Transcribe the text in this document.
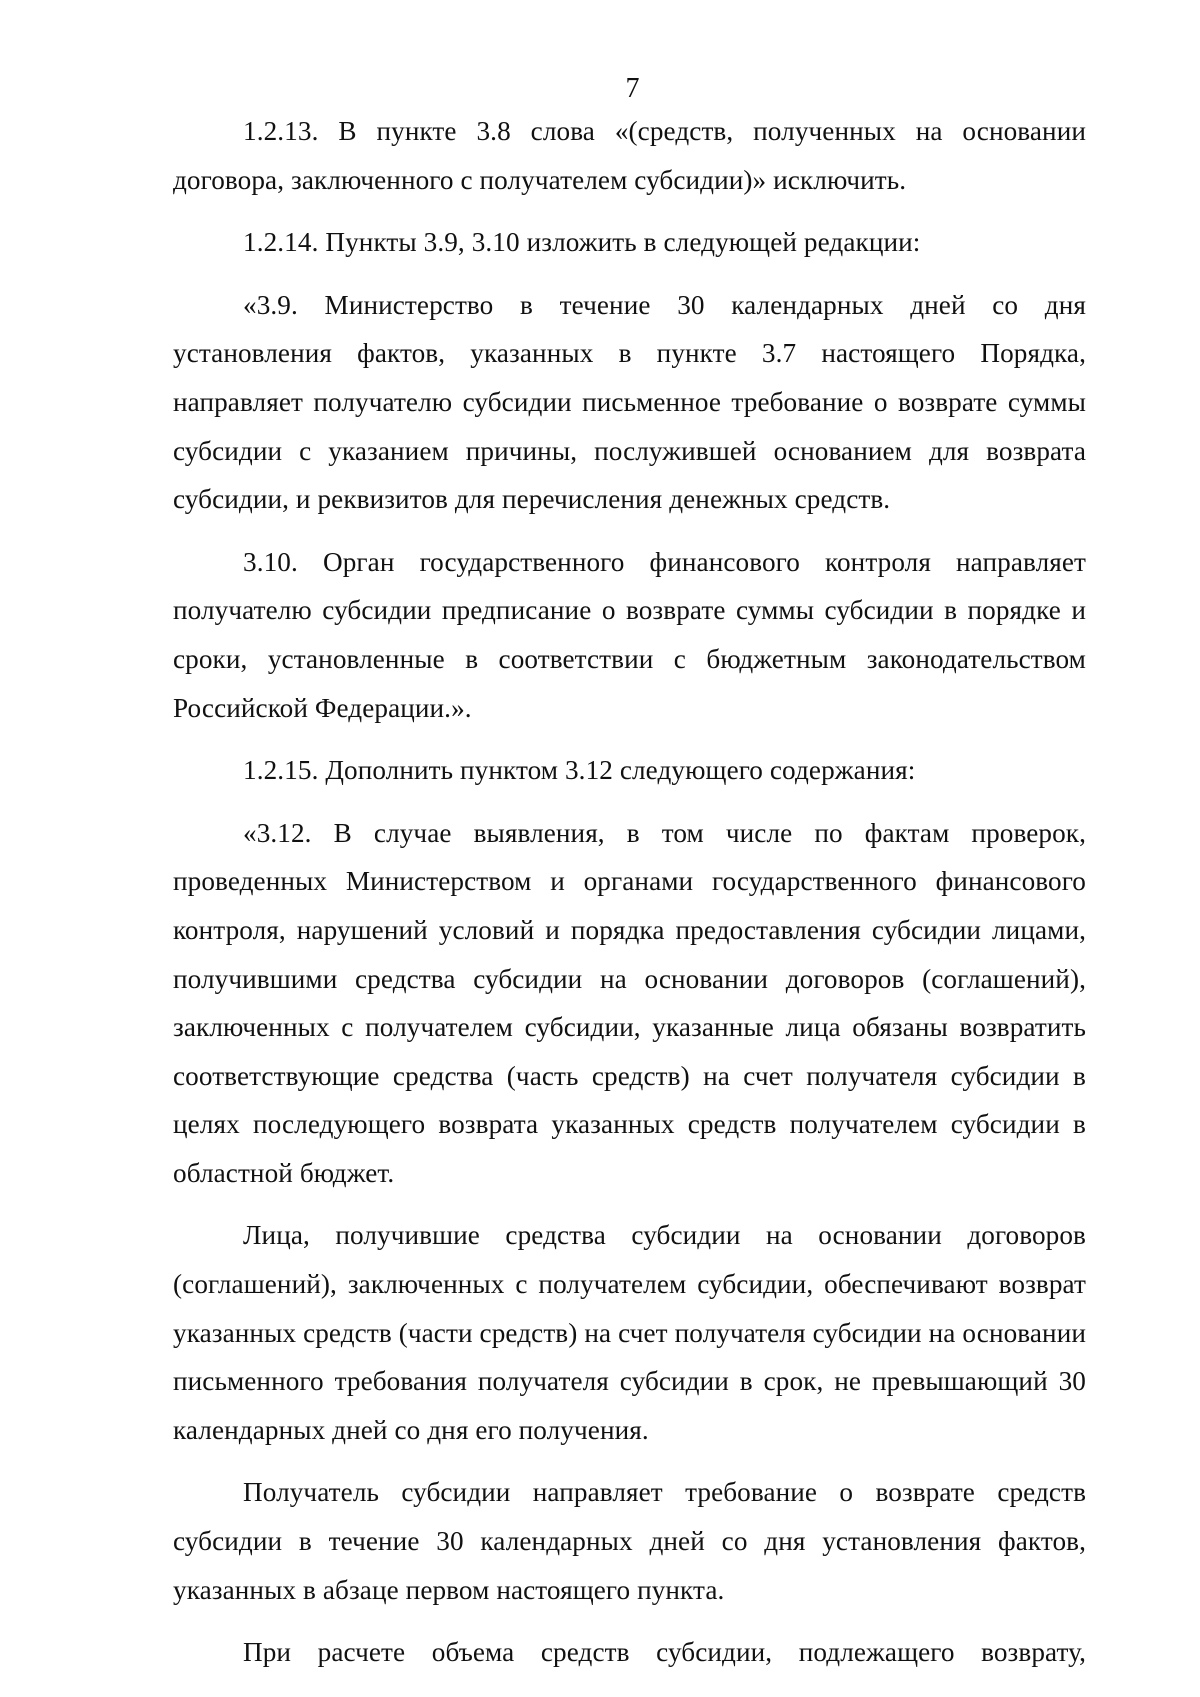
7

1.2.13. В пункте 3.8 слова «(средств, полученных на основании договора, заключенного с получателем субсидии)» исключить.

1.2.14. Пункты 3.9, 3.10 изложить в следующей редакции:

«3.9. Министерство в течение 30 календарных дней со дня установления фактов, указанных в пункте 3.7 настоящего Порядка, направляет получателю субсидии письменное требование о возврате суммы субсидии с указанием причины, послужившей основанием для возврата субсидии, и реквизитов для перечисления денежных средств.

3.10. Орган государственного финансового контроля направляет получателю субсидии предписание о возврате суммы субсидии в порядке и сроки, установленные в соответствии с бюджетным законодательством Российской Федерации.».

1.2.15. Дополнить пунктом 3.12 следующего содержания:

«3.12. В случае выявления, в том числе по фактам проверок, проведенных Министерством и органами государственного финансового контроля, нарушений условий и порядка предоставления субсидии лицами, получившими средства субсидии на основании договоров (соглашений), заключенных с получателем субсидии, указанные лица обязаны возвратить соответствующие средства (часть средств) на счет получателя субсидии в целях последующего возврата указанных средств получателем субсидии в областной бюджет.

Лица, получившие средства субсидии на основании договоров (соглашений), заключенных с получателем субсидии, обеспечивают возврат указанных средств (части средств) на счет получателя субсидии на основании письменного требования получателя субсидии в срок, не превышающий 30 календарных дней со дня его получения.

Получатель субсидии направляет требование о возврате средств субсидии в течение 30 календарных дней со дня установления фактов, указанных в абзаце первом настоящего пункта.

При расчете объема средств субсидии, подлежащего возврату,
